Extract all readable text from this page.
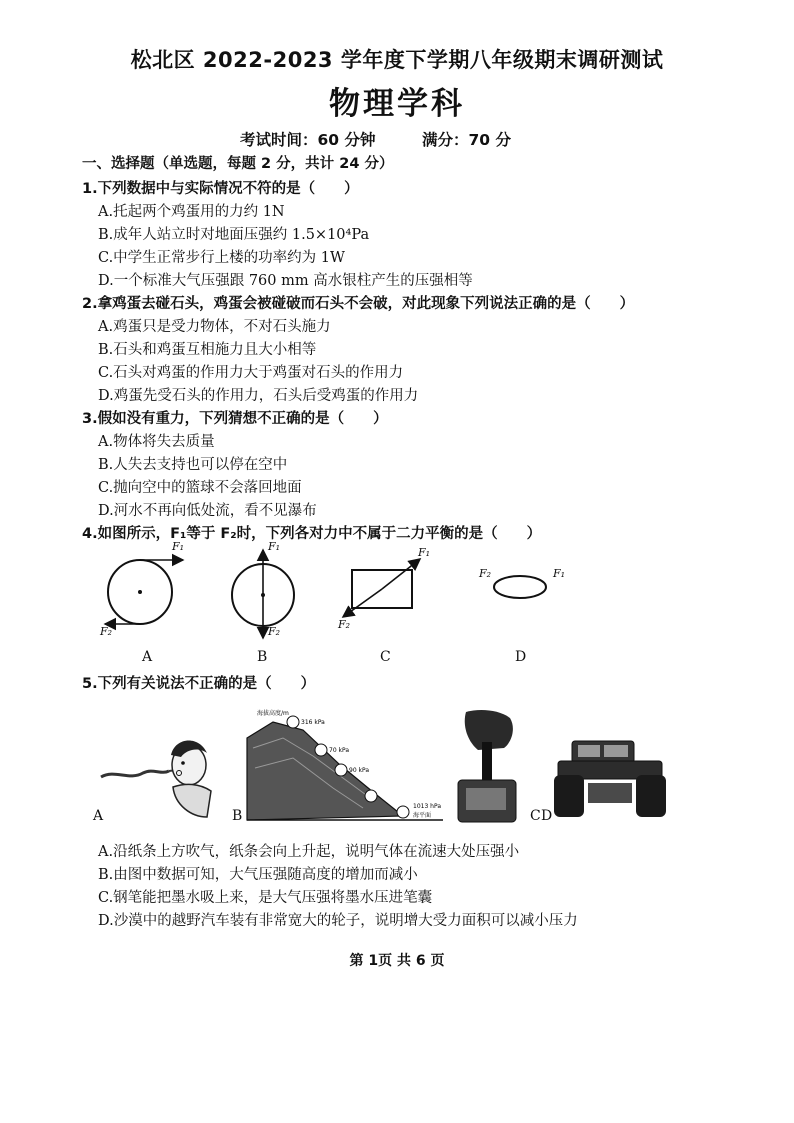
松北区 2022-2023 学年度下学期八年级期末调研测试
物理学科
考试时间：60 分钟	满分：70 分
一、选择题（单选题，每题 2 分，共计 24 分）
1.下列数据中与实际情况不符的是（　　）
A.托起两个鸡蛋用的力约 1N
B.成年人站立时对地面压强约 1.5×10⁴Pa
C.中学生正常步行上楼的功率约为 1W
D.一个标准大气压强跟 760 mm 高水银柱产生的压强相等
2.拿鸡蛋去碰石头，鸡蛋会被碰破而石头不会破，对此现象下列说法正确的是（　　）
A.鸡蛋只是受力物体，不对石头施力
B.石头和鸡蛋互相施力且大小相等
C.石头对鸡蛋的作用力大于鸡蛋对石头的作用力
D.鸡蛋先受石头的作用力，石头后受鸡蛋的作用力
3.假如没有重力，下列猜想不正确的是（　　）
A.物体将失去质量
B.人失去支持也可以停在空中
C.抛向空中的篮球不会落回地面
D.河水不再向低处流，看不见瀑布
4.如图所示，F₁等于 F₂时，下列各对力中不属于二力平衡的是（　　）
F₁
F₂
F₁
F₂
F₁
F₂
F₂	F₁
A	B	C	D
5.下列有关说法不正确的是（　　）
A
海拔高度/m
316 kPa
70 kPa
90 kPa
1013 hPa
海平面
B	C D
A.沿纸条上方吹气，纸条会向上升起，说明气体在流速大处压强小
B.由图中数据可知，大气压强随高度的增加而减小
C.钢笔能把墨水吸上来，是大气压强将墨水压进笔囊
D.沙漠中的越野汽车装有非常宽大的轮子，说明增大受力面积可以减小压力
第 1页 共 6 页
